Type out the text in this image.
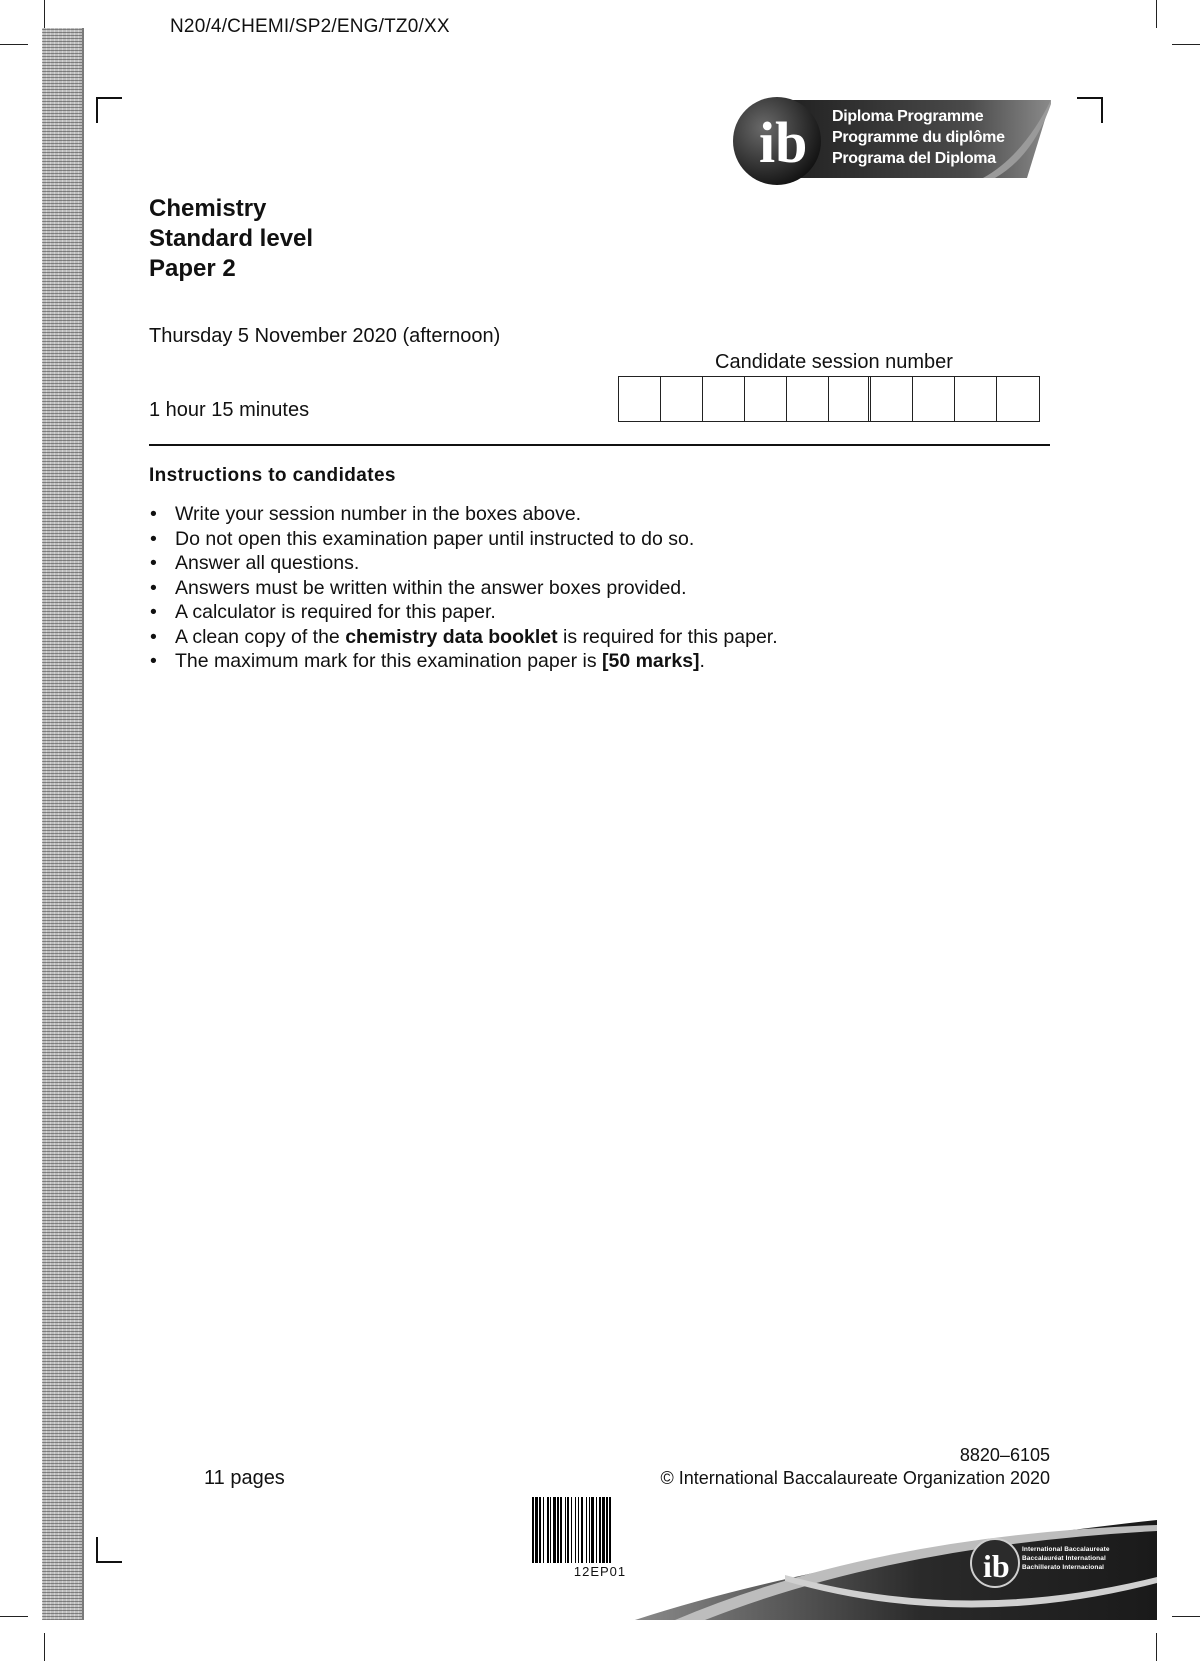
N20/4/CHEMI/SP2/ENG/TZ0/XX
ib Diploma Programme
Programme du diplôme
Programa del Diploma
Chemistry
Standard level
Paper 2
Thursday 5 November 2020 (afternoon)
1 hour 15 minutes
Candidate session number
Instructions to candidates
• Write your session number in the boxes above.
• Do not open this examination paper until instructed to do so.
• Answer all questions.
• Answers must be written within the answer boxes provided.
• A calculator is required for this paper.
• A clean copy of the chemistry data booklet is required for this paper.
• The maximum mark for this examination paper is [50 marks].
11 pages
8820–6105
© International Baccalaureate Organization 2020
12EP01	ib International Baccalaureate
Baccalauréat International
Bachillerato Internacional
